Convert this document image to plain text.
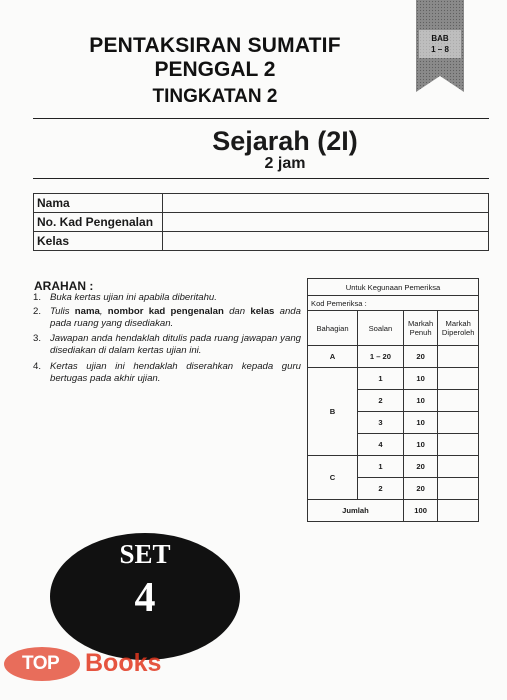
BAB
1 – 8
PENTAKSIRAN SUMATIF
PENGGAL 2
TINGKATAN 2
Sejarah (2I)
2 jam
Nama	
No. Kad Pengenalan	
Kelas	
ARAHAN :
1. Buka kertas ujian ini apabila diberitahu.
2. Tulis nama, nombor kad pengenalan dan kelas anda pada ruang yang disediakan.
3. Jawapan anda hendaklah ditulis pada ruang jawapan yang disediakan di dalam kertas ujian ini.
4. Kertas ujian ini hendaklah diserahkan kepada guru bertugas pada akhir ujian.
Untuk Kegunaan Pemeriksa			
Kod Pemeriksa :			
Bahagian	Soalan	Markah Penuh	Markah Diperoleh
A	1 – 20	20	
B	1	10	
	2	10	
	3	10	
	4	10	
C	1	20	
	2	20	
Jumlah		100	
SET
4
TOP Books
